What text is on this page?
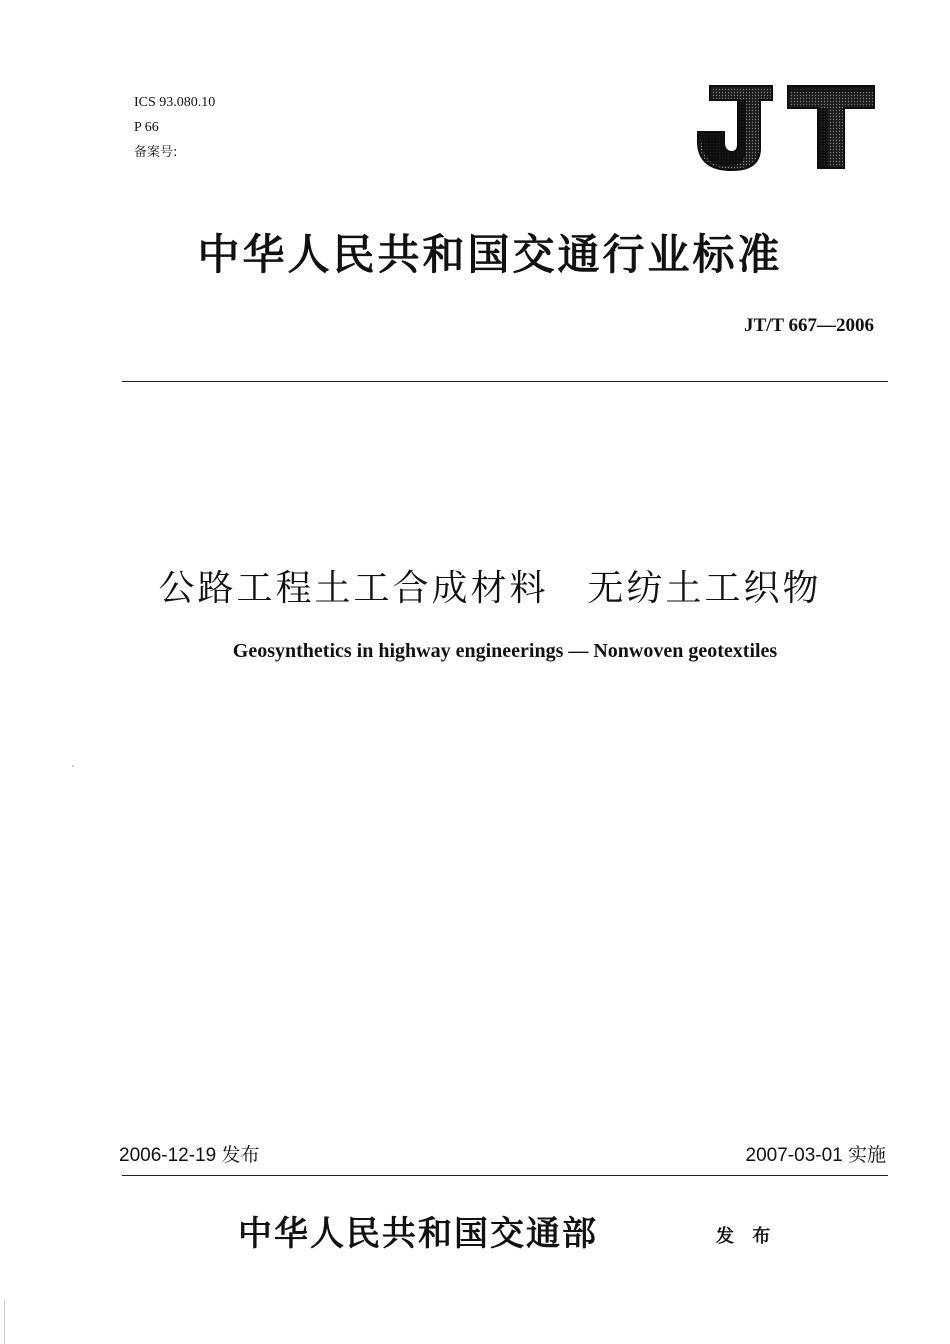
ICS 93.080.10
P 66
备案号:
中华人民共和国交通行业标准
JT/T 667—2006
公路工程土工合成材料　无纺土工织物
Geosynthetics in highway engineerings — Nonwoven geotextiles
2006-12-19 发布	2007-03-01 实施
中华人民共和国交通部	发 布
